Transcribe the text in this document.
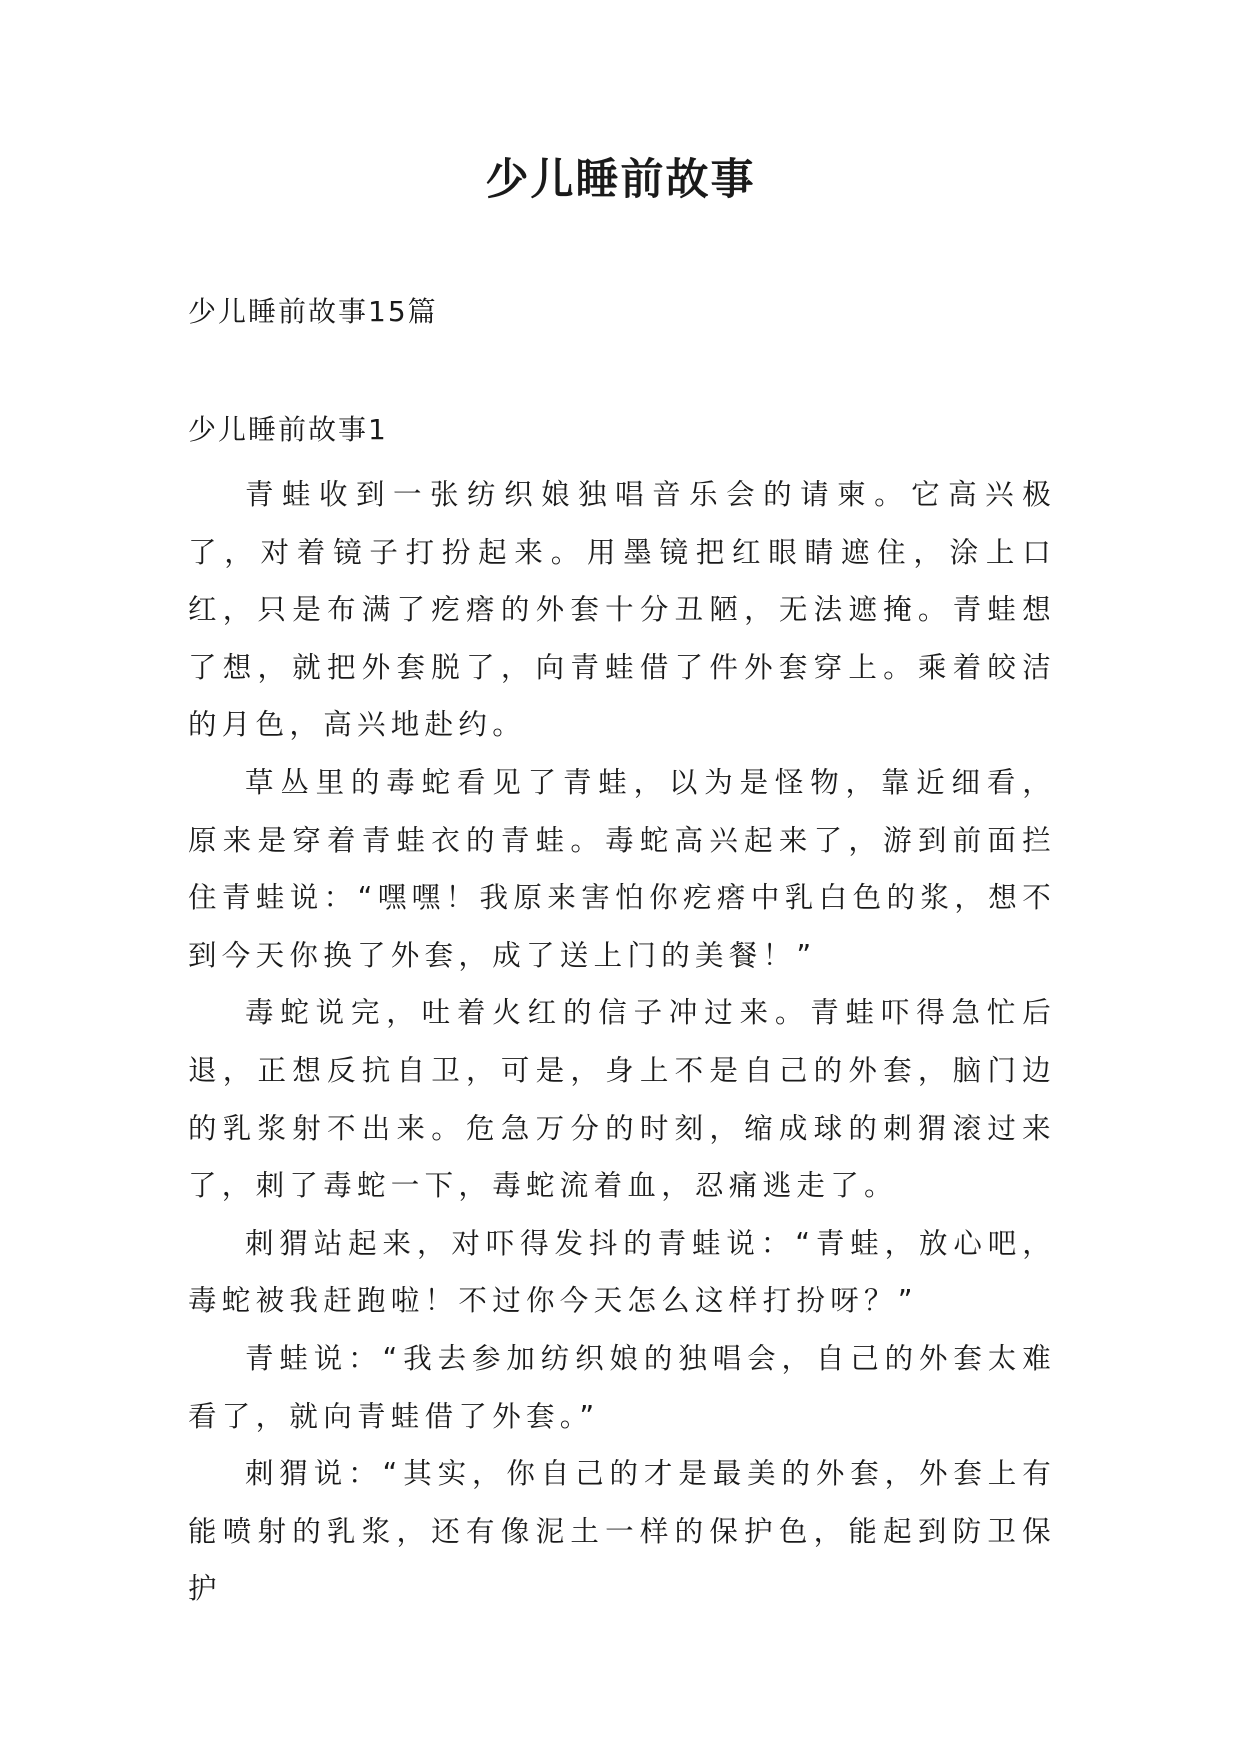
少儿睡前故事
少儿睡前故事15篇
少儿睡前故事1

青蛙收到一张纺织娘独唱音乐会的请柬。它高兴极了，对着镜子打扮起来。用墨镜把红眼睛遮住，涂上口红，只是布满了疙瘩的外套十分丑陋，无法遮掩。青蛙想了想，就把外套脱了，向青蛙借了件外套穿上。乘着皎洁的月色，高兴地赴约。

草丛里的毒蛇看见了青蛙，以为是怪物，靠近细看，原来是穿着青蛙衣的青蛙。毒蛇高兴起来了，游到前面拦住青蛙说：“嘿嘿！我原来害怕你疙瘩中乳白色的浆，想不到今天你换了外套，成了送上门的美餐！”

毒蛇说完，吐着火红的信子冲过来。青蛙吓得急忙后退，正想反抗自卫，可是，身上不是自己的外套，脑门边的乳浆射不出来。危急万分的时刻，缩成球的刺猬滚过来了，刺了毒蛇一下，毒蛇流着血，忍痛逃走了。

刺猬站起来，对吓得发抖的青蛙说：“青蛙，放心吧，毒蛇被我赶跑啦！不过你今天怎么这样打扮呀？”

青蛙说：“我去参加纺织娘的独唱会，自己的外套太难看了，就向青蛙借了外套。”

刺猬说：“其实，你自己的才是最美的外套，外套上有能喷射的乳浆，还有像泥土一样的保护色，能起到防卫保护
